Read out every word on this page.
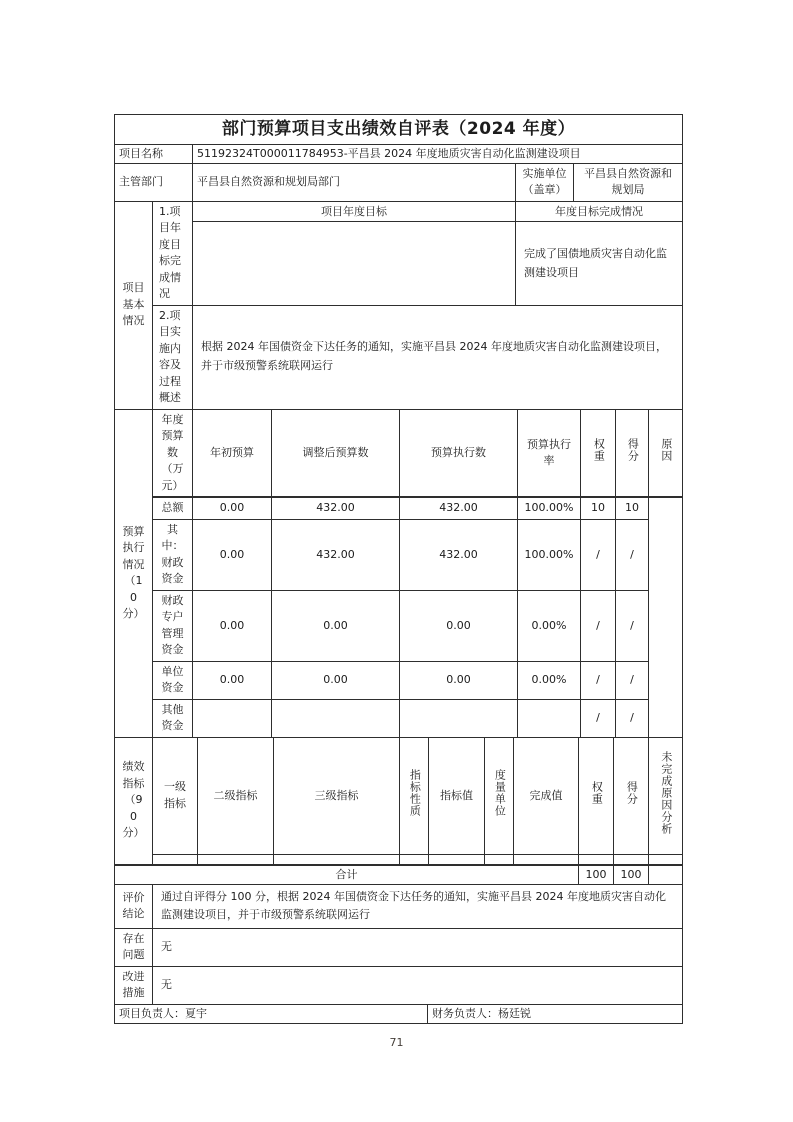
部门预算项目支出绩效自评表（2024 年度）			
项目名称	51192324T000011784953-平昌县 2024 年度地质灾害自动化监测建设项目		
主管部门	平昌县自然资源和规划局部门	实施单位（盖章）	平昌县自然资源和规划局
项目基本情况	1.项目年度目标完成情况	项目年度目标	年度目标完成情况
			完成了国债地质灾害自动化监测建设项目
	2.项目实施内容及过程概述	根据 2024 年国债资金下达任务的通知，实施平昌县 2024 年度地质灾害自动化监测建设项目，并于市级预警系统联网运行	
预算执行情况（10分）	年度预算数（万元）	年初预算	调整后预算数	预算执行数	预算执行率	权重	得分	原因
	总额	0.00	432.00	432.00	100.00%	10	10	
	其中：财政资金	0.00	432.00	432.00	100.00%	/	/	
	财政专户管理资金	0.00	0.00	0.00	0.00%	/	/	
	单位资金	0.00	0.00	0.00	0.00%	/	/	
	其他资金					/	/	
绩效指标（90分）	一级指标	二级指标	三级指标	指标性质	指标值	度量单位	完成值	权重	得分	未完成原因分析

合计	100	100	
评价结论	通过自评得分 100 分，根据 2024 年国债资金下达任务的通知，实施平昌县 2024 年度地质灾害自动化监测建设项目，并于市级预警系统联网运行
存在问题	无
改进措施	无
项目负责人：夏宇	财务负责人：杨廷锐
71
